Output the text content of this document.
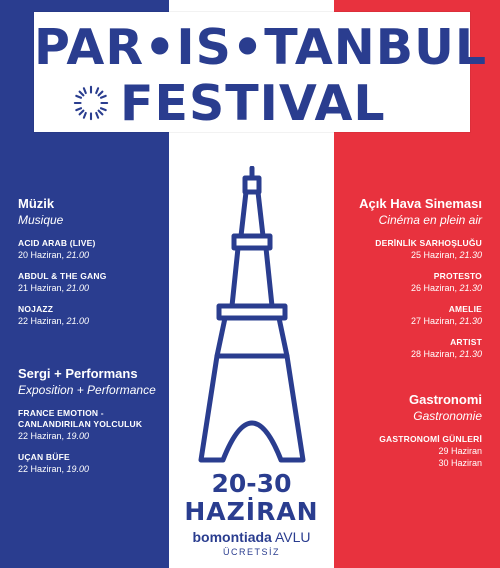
PAR•IS•TANBUL
FESTIVAL
Müzik
Musique
ACID ARAB (LIVE)
20 Haziran, 21.00
ABDUL & THE GANG
21 Haziran, 21.00
NOJAZZ
22 Haziran, 21.00
Sergi + Performans
Exposition + Performance
FRANCE EMOTION - CANLANDIRILAN YOLCULUK
22 Haziran, 19.00
UÇAN BÜFE
22 Haziran, 19.00
Açık Hava Sineması
Cinéma en plein air
DERİNLİK SARHOŞLUĞU
25 Haziran, 21.30
PROTESTO
26 Haziran, 21.30
AMELIE
27 Haziran, 21.30
ARTIST
28 Haziran, 21.30
Gastronomi
Gastronomie
GASTRONOMİ GÜNLERİ
29 Haziran
30 Haziran
20-30
HAZİRAN
bomontiada AVLU
ÜCRETSİZ
